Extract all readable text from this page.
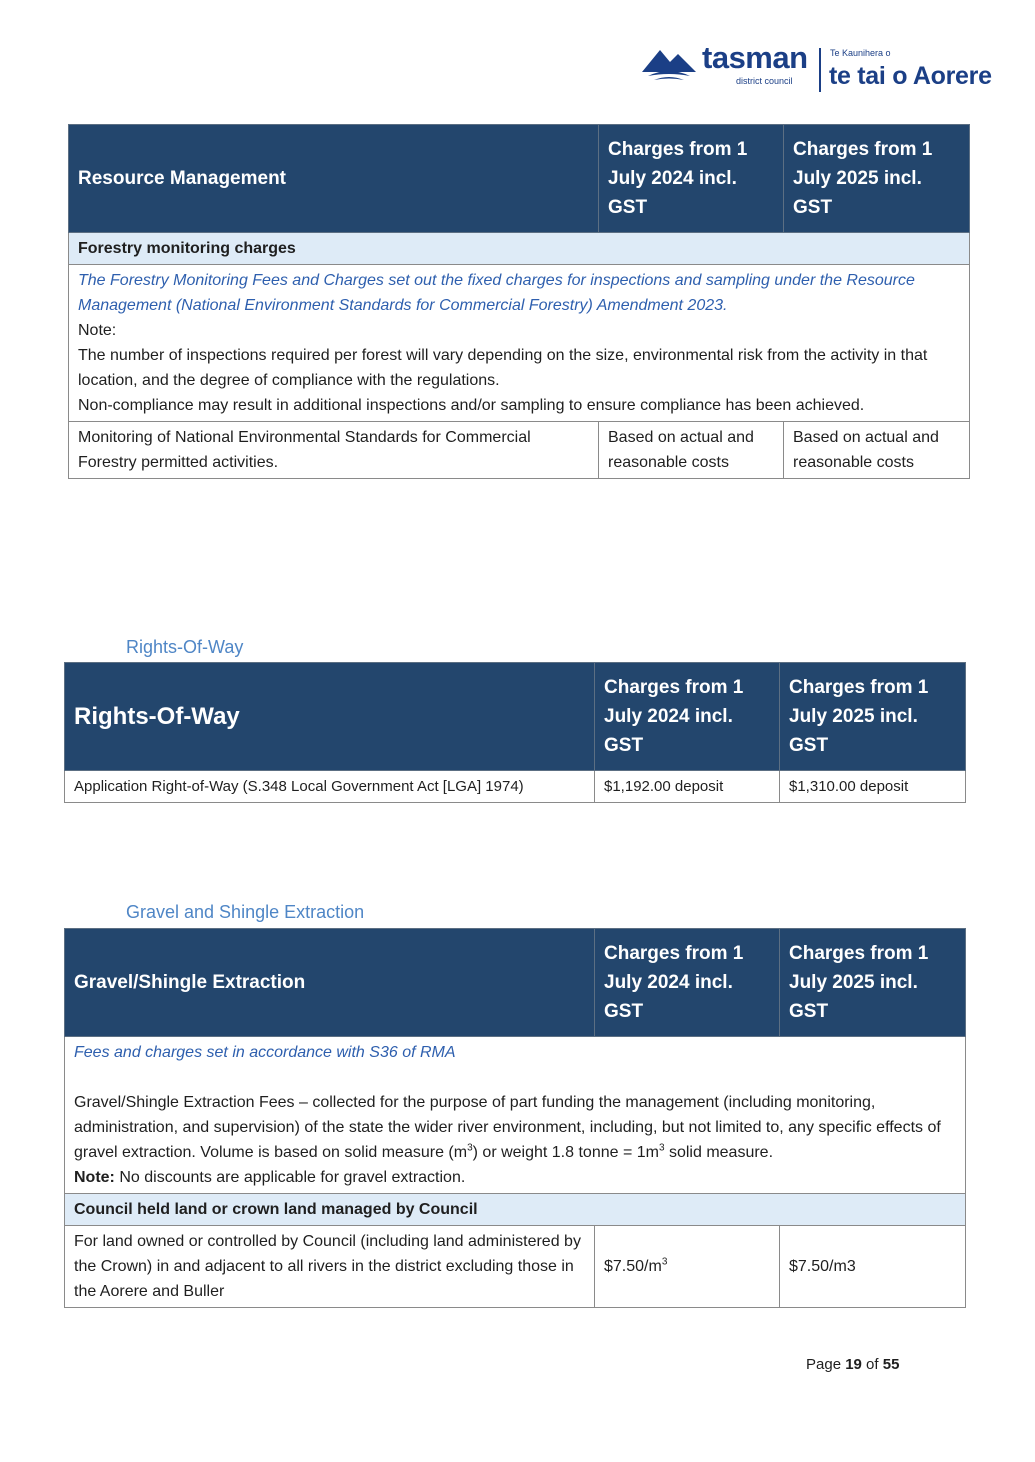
tasman
district council
Te Kaunihera o
te tai o Aorere
Resource Management	Charges from 1 July 2024 incl. GST	Charges from 1 July 2025 incl. GST
Forestry monitoring charges		

The Forestry Monitoring Fees and Charges set out the fixed charges for inspections and sampling under the Resource Management (National Environment Standards for Commercial Forestry) Amendment 2023.
Note:
The number of inspections required per forest will vary depending on the size, environmental risk from the activity in that location, and the degree of compliance with the regulations.
Non-compliance may result in additional inspections and/or sampling to ensure compliance has been achieved.		

Monitoring of National Environmental Standards for Commercial Forestry permitted activities.	Based on actual and reasonable costs	Based on actual and reasonable costs
Rights-Of-Way
Rights-Of-Way	Charges from 1 July 2024 incl. GST	Charges from 1 July 2025 incl. GST
Application Right-of-Way (S.348 Local Government Act [LGA] 1974)	$1,192.00 deposit	$1,310.00 deposit
Gravel and Shingle Extraction
Gravel/Shingle Extraction	Charges from 1 July 2024 incl. GST	Charges from 1 July 2025 incl. GST

Fees and charges set in accordance with S36 of RMA
Gravel/Shingle Extraction Fees – collected for the purpose of part funding the management (including monitoring, administration, and supervision) of the state the wider river environment, including, but not limited to, any specific effects of gravel extraction. Volume is based on solid measure $(m^3)$ or weight 1.8 tonne = $1m^3$ solid measure.
Note: No discounts are applicable for gravel extraction.		

Council held land or crown land managed by Council		
For land owned or controlled by Council (including land administered by the Crown) in and adjacent to all rivers in the district excluding those in the Aorere and Buller	$\$7.50/m^3$	$7.50/m3
Page 19 of 55
